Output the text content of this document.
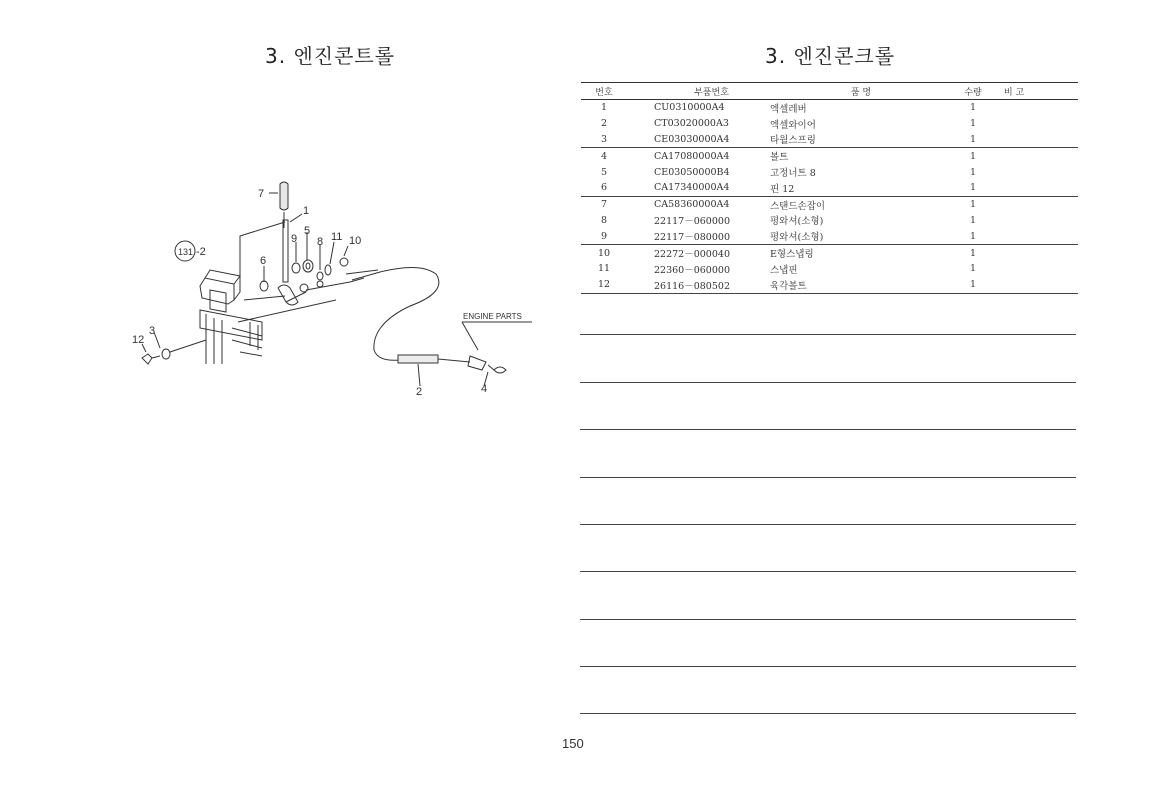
3. 엔진콘트롤	3. 엔진콘크롤
7
1
9
5
8 11 10
131 -2
6
3
12
2	4
ENGINE PARTS
번호	부품번호	품 명	수량	비 고
1	CU0310000A4	엑셀레버	1	
2	CT03020000A3	엑셀와이어	1	
3	CE03030000A4	타월스프링	1	
4	CA17080000A4	볼트	1	
5	CE03050000B4	고정너트 8	1	
6	CA17340000A4	핀 12	1	
7	CA58360000A4	스탠드손잡이	1	
8	22117－060000	평와셔(소형)	1	
9	22117－080000	평와셔(소형)	1	
10	22272－000040	E형스냅링	1	
11	22360－060000	스냅핀	1	
12	26116－080502	육각볼트	1	
150
